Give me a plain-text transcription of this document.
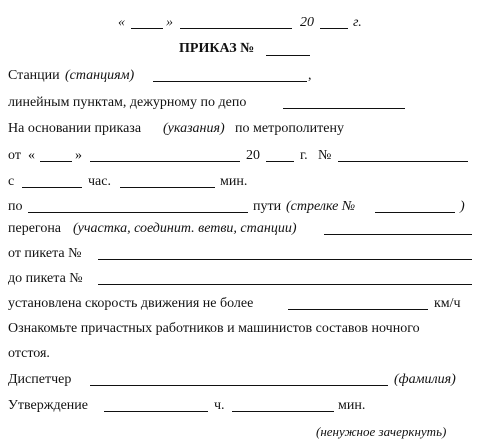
«	»	20	г.
ПРИКАЗ №
Станции (станциям)	,
линейным пунктам, дежурному по депо
На основании приказа (указания) по метрополитену
от «	»	20	г. №
с	час.	мин.
по	пути (стрелке №	)
перегона (участка, соединит. ветви, станции)
от пикета №
до пикета №
установлена скорость движения не более	км/ч
Ознакомьте причастных работников и машинистов составов ночного
отстоя.
Диспетчер	(фамилия)
Утверждение	ч.	мин.
(ненужное зачеркнуть)
